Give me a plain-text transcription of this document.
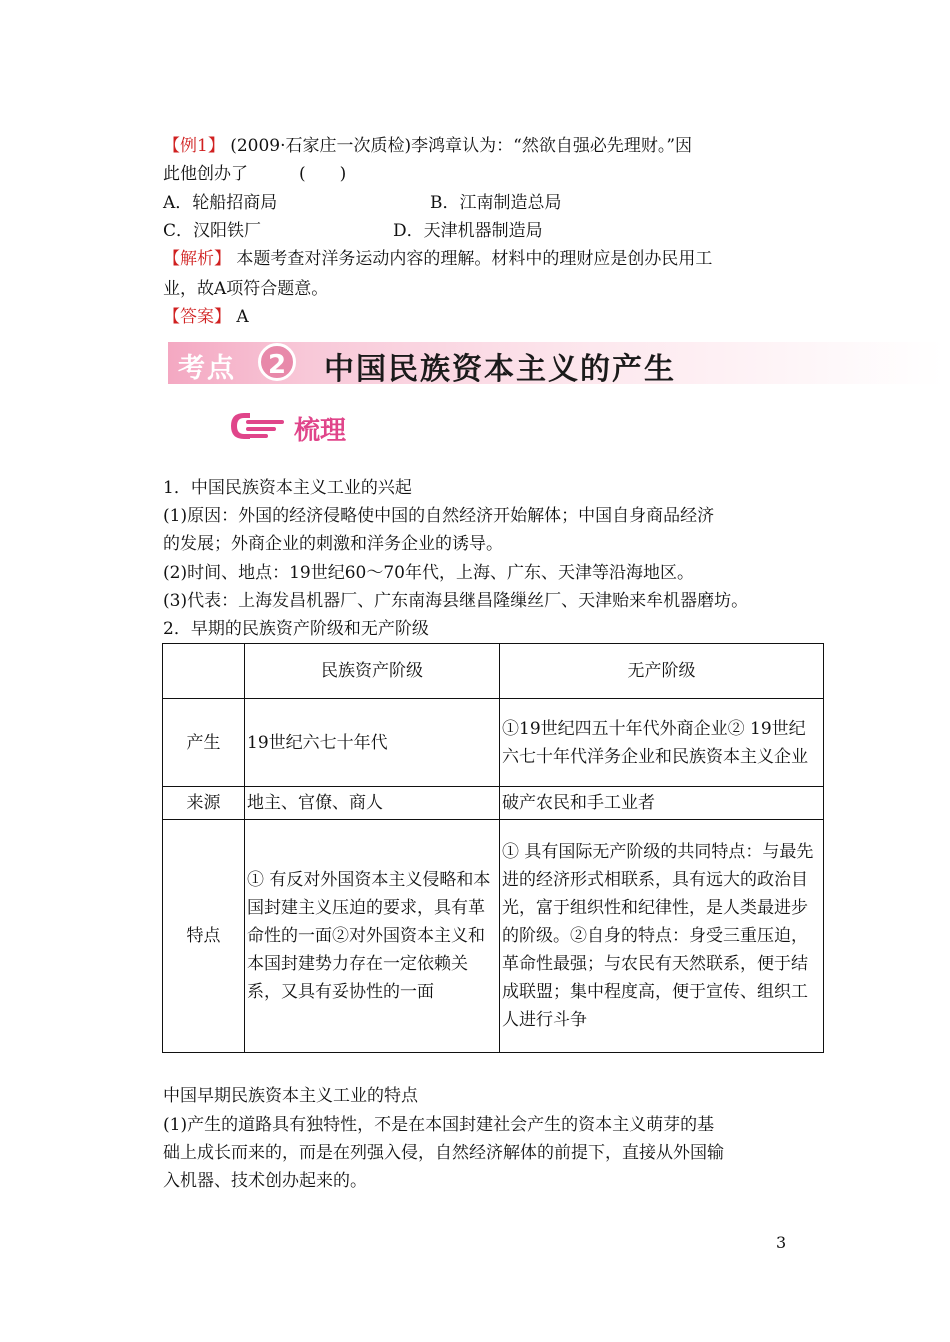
【例1】 (2009·石家庄一次质检)李鸿章认为：“然欲自强必先理财。”因
此他创办了　　　(　　)
A．轮船招商局	B．江南制造总局
C．汉阳铁厂	D．天津机器制造局
【解析】 本题考查对洋务运动内容的理解。材料中的理财应是创办民用工
业，故A项符合题意。
【答案】 A
考点	2	中国民族资本主义的产生
梳理
1．中国民族资本主义工业的兴起
(1)原因：外国的经济侵略使中国的自然经济开始解体；中国自身商品经济
的发展；外商企业的刺激和洋务企业的诱导。
(2)时间、地点：19世纪60～70年代，上海、广东、天津等沿海地区。
(3)代表：上海发昌机器厂、广东南海县继昌隆缫丝厂、天津贻来牟机器磨坊。
2．早期的民族资产阶级和无产阶级
	民族资产阶级	无产阶级
产生	19世纪六七十年代	①19世纪四五十年代外商企业② 19世纪六七十年代洋务企业和民族资本主义企业
来源	地主、官僚、商人	破产农民和手工业者
特点	① 有反对外国资本主义侵略和本国封建主义压迫的要求，具有革命性的一面②对外国资本主义和本国封建势力存在一定依赖关系，又具有妥协性的一面	① 具有国际无产阶级的共同特点：与最先进的经济形式相联系，具有远大的政治目光，富于组织性和纪律性，是人类最进步的阶级。②自身的特点：身受三重压迫，革命性最强；与农民有天然联系，便于结成联盟；集中程度高，便于宣传、组织工人进行斗争
中国早期民族资本主义工业的特点
(1)产生的道路具有独特性，不是在本国封建社会产生的资本主义萌芽的基
础上成长而来的，而是在列强入侵，自然经济解体的前提下，直接从外国输
入机器、技术创办起来的。
3
